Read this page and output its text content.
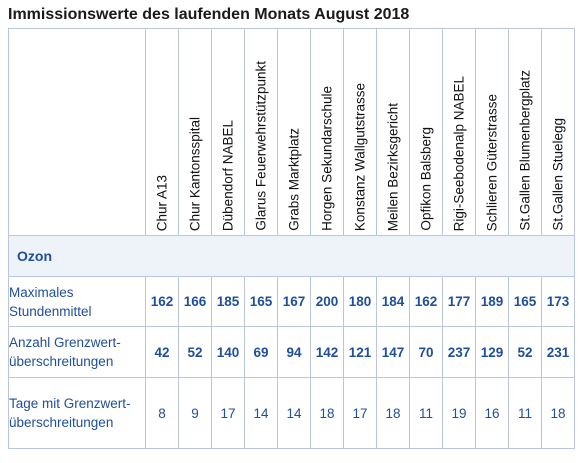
Immissionswerte des laufenden Monats August 2018

	Chur A13	Chur Kantonsspital	Dübendorf NABEL	Glarus Feuerwehrstützpunkt	Grabs Marktplatz	Horgen Sekundarschule	Konstanz Wallgutstrasse	Meilen Bezirksgericht	Opfikon Balsberg	Rigi-Seebodenalp NABEL	Schlieren Güterstrasse	St.Gallen Blumenbergplatz	St.Gallen Stuelegg

Ozon													
Maximales Stundenmittel	162	166	185	165	167	200	180	184	162	177	189	165	173
Anzahl Grenzwert-überschreitungen	42	52	140	69	94	142	121	147	70	237	129	52	231
Tage mit Grenzwert-überschreitungen	8	9	17	14	14	18	17	18	11	19	16	11	18
